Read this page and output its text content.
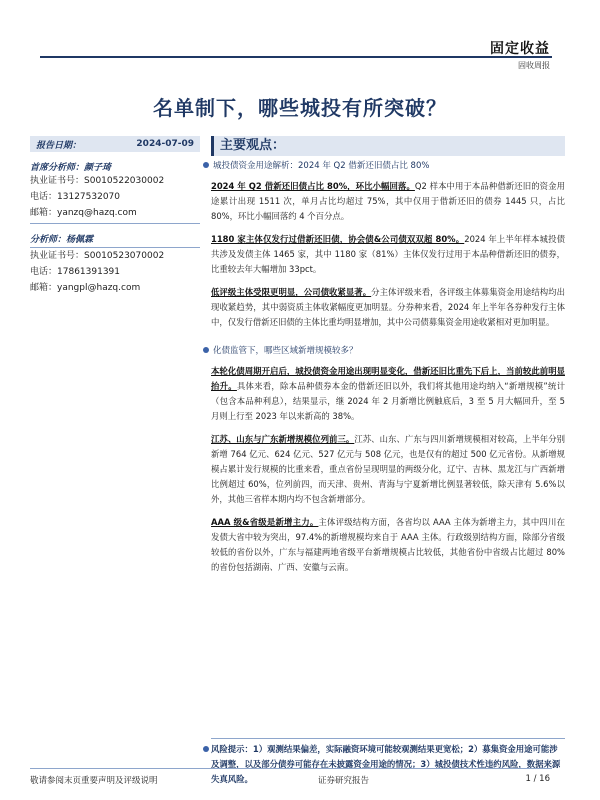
固定收益
固收周报
名单制下，哪些城投有所突破？
报告日期：	2024-07-09
首席分析师：颜子琦
执业证书号：S0010522030002
电话：13127532070
邮箱：yanzq@hazq.com
分析师：杨佩霖
执业证书号：S0010523070002
电话：17861391391
邮箱：yangpl@hazq.com
主要观点：
城投债资金用途解析：2024 年 Q2 借新还旧债占比 80%

2024 年 Q2 借新还旧债占比 80%，环比小幅回落。Q2 样本中用于本品种借新还旧的资金用途累计出现 1511 次，单月占比均超过 75%，其中仅用于借新还旧的债券 1445 只，占比 80%，环比小幅回落约 4 个百分点。

1180 家主体仅发行过借新还旧债，协会债&公司债双双超 80%。2024 年上半年样本城投债共涉及发债主体 1465 家，其中 1180 家（81%）主体仅发行过用于本品种借新还旧的债券，比重较去年大幅增加 33pct。

低评级主体受限更明显，公司债收紧显著。分主体评级来看，各评级主体募集资金用途结构均出现收紧趋势，其中弱资质主体收紧幅度更加明显。分券种来看，2024 年上半年各券种发行主体中，仅发行借新还旧债的主体比重均明显增加，其中公司债募集资金用途收紧相对更加明显。

化债监管下，哪些区域新增规模较多？

本轮化债周期开启后，城投债资金用途出现明显变化，借新还旧比重先下后上，当前较此前明显抬升。具体来看，除本品种债券本金的借新还旧以外，我们将其他用途均纳入“新增规模”统计（包含本品种利息），结果显示，继 2024 年 2 月新增比例触底后，3 至 5 月大幅回升，至 5 月则上行至 2023 年以来新高的 38%。

江苏、山东与广东新增规模位列前三。江苏、山东、广东与四川新增规模相对较高，上半年分别新增 764 亿元、624 亿元、527 亿元与 508 亿元，也是仅有的超过 500 亿元省份。从新增规模占累计发行规模的比重来看，重点省份呈现明显的两级分化，辽宁、吉林、黑龙江与广西新增比例超过 60%，位列前四，而天津、贵州、青海与宁夏新增比例显著较低，除天津有 5.6%以外，其他三省样本期内均不包含新增部分。

AAA 级&省级是新增主力。主体评级结构方面，各省均以 AAA 主体为新增主力，其中四川在发债大省中较为突出，97.4%的新增规模均来自于 AAA 主体。行政级别结构方面，除部分省级较低的省份以外，广东与福建两地省级平台新增规模占比较低，其他省份中省级占比超过 80%的省份包括湖南、广西、安徽与云南。

风险提示：1）观测结果偏差，实际融资环境可能较观测结果更宽松；2）募集资金用途可能涉及调整，以及部分债券可能存在未披露资金用途的情况；3）城投债技术性违约风险，数据来源失真风险。
敬请参阅末页重要声明及评级说明	证券研究报告	1 / 16
